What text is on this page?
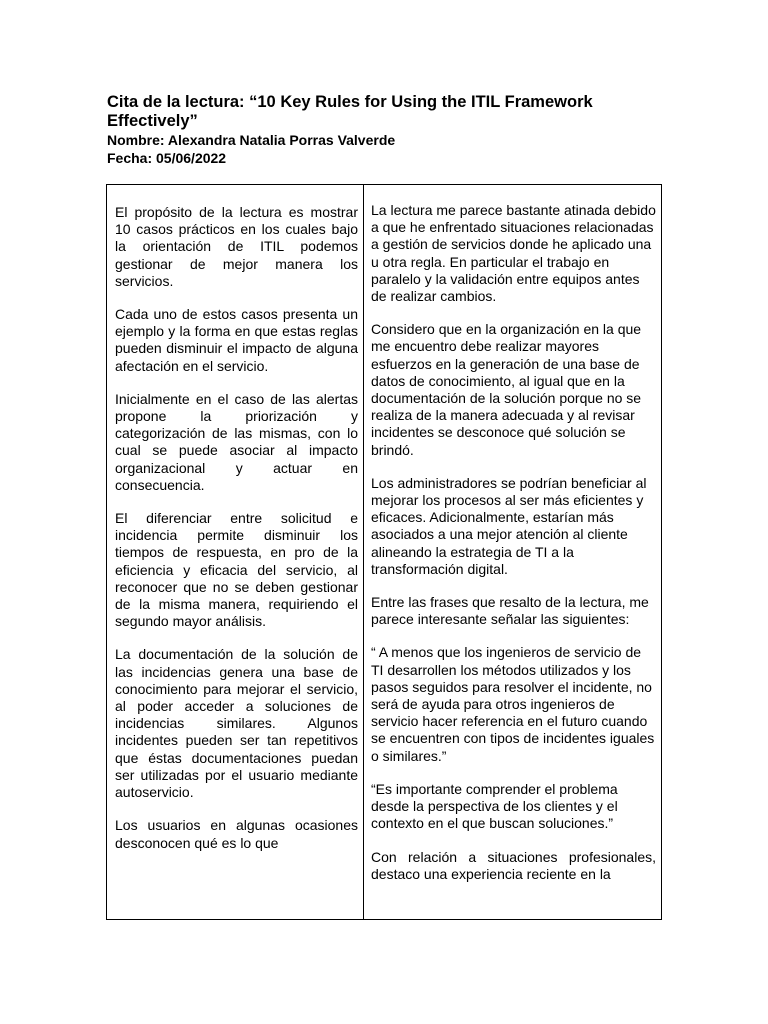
Cita de la lectura: “10 Key Rules for Using the ITIL Framework Effectively”

Nombre: Alexandra Natalia Porras Valverde
Fecha: 05/06/2022

El propósito de la lectura es mostrar 10 casos prácticos en los cuales bajo la orientación de ITIL podemos gestionar de mejor manera los servicios.

Cada uno de estos casos presenta un ejemplo y la forma en que estas reglas pueden disminuir el impacto de alguna afectación en el servicio.

Inicialmente en el caso de las alertas propone la priorización y categorización de las mismas, con lo cual se puede asociar al impacto organizacional y actuar en consecuencia.

El diferenciar entre solicitud e incidencia permite disminuir los tiempos de respuesta, en pro de la eficiencia y eficacia del servicio, al reconocer que no se deben gestionar de la misma manera, requiriendo el segundo mayor análisis.

La documentación de la solución de las incidencias genera una base de conocimiento para mejorar el servicio, al poder acceder a soluciones de incidencias similares. Algunos incidentes pueden ser tan repetitivos que éstas documentaciones puedan ser utilizadas por el usuario mediante autoservicio.

Los usuarios en algunas ocasiones desconocen qué es lo que

La lectura me parece bastante atinada debido a que he enfrentado situaciones relacionadas a gestión de servicios donde he aplicado una u otra regla. En particular el trabajo en paralelo y la validación entre equipos antes de realizar cambios.

Considero que en la organización en la que me encuentro debe realizar mayores esfuerzos en la generación de una base de datos de conocimiento, al igual que en la documentación de la solución porque no se realiza de la manera adecuada y al revisar incidentes se desconoce qué solución se brindó.

Los administradores se podrían beneficiar al mejorar los procesos al ser más eficientes y eficaces. Adicionalmente, estarían más asociados a una mejor atención al cliente alineando la estrategia de TI a la transformación digital.

Entre las frases que resalto de la lectura, me parece interesante señalar las siguientes:

“ A menos que los ingenieros de servicio de TI desarrollen los métodos utilizados y los pasos seguidos para resolver el incidente, no será de ayuda para otros ingenieros de servicio hacer referencia en el futuro cuando se encuentren con tipos de incidentes iguales o similares.”

“Es importante comprender el problema desde la perspectiva de los clientes y el contexto en el que buscan soluciones.”

Con relación a situaciones profesionales, destaco una experiencia reciente en la
